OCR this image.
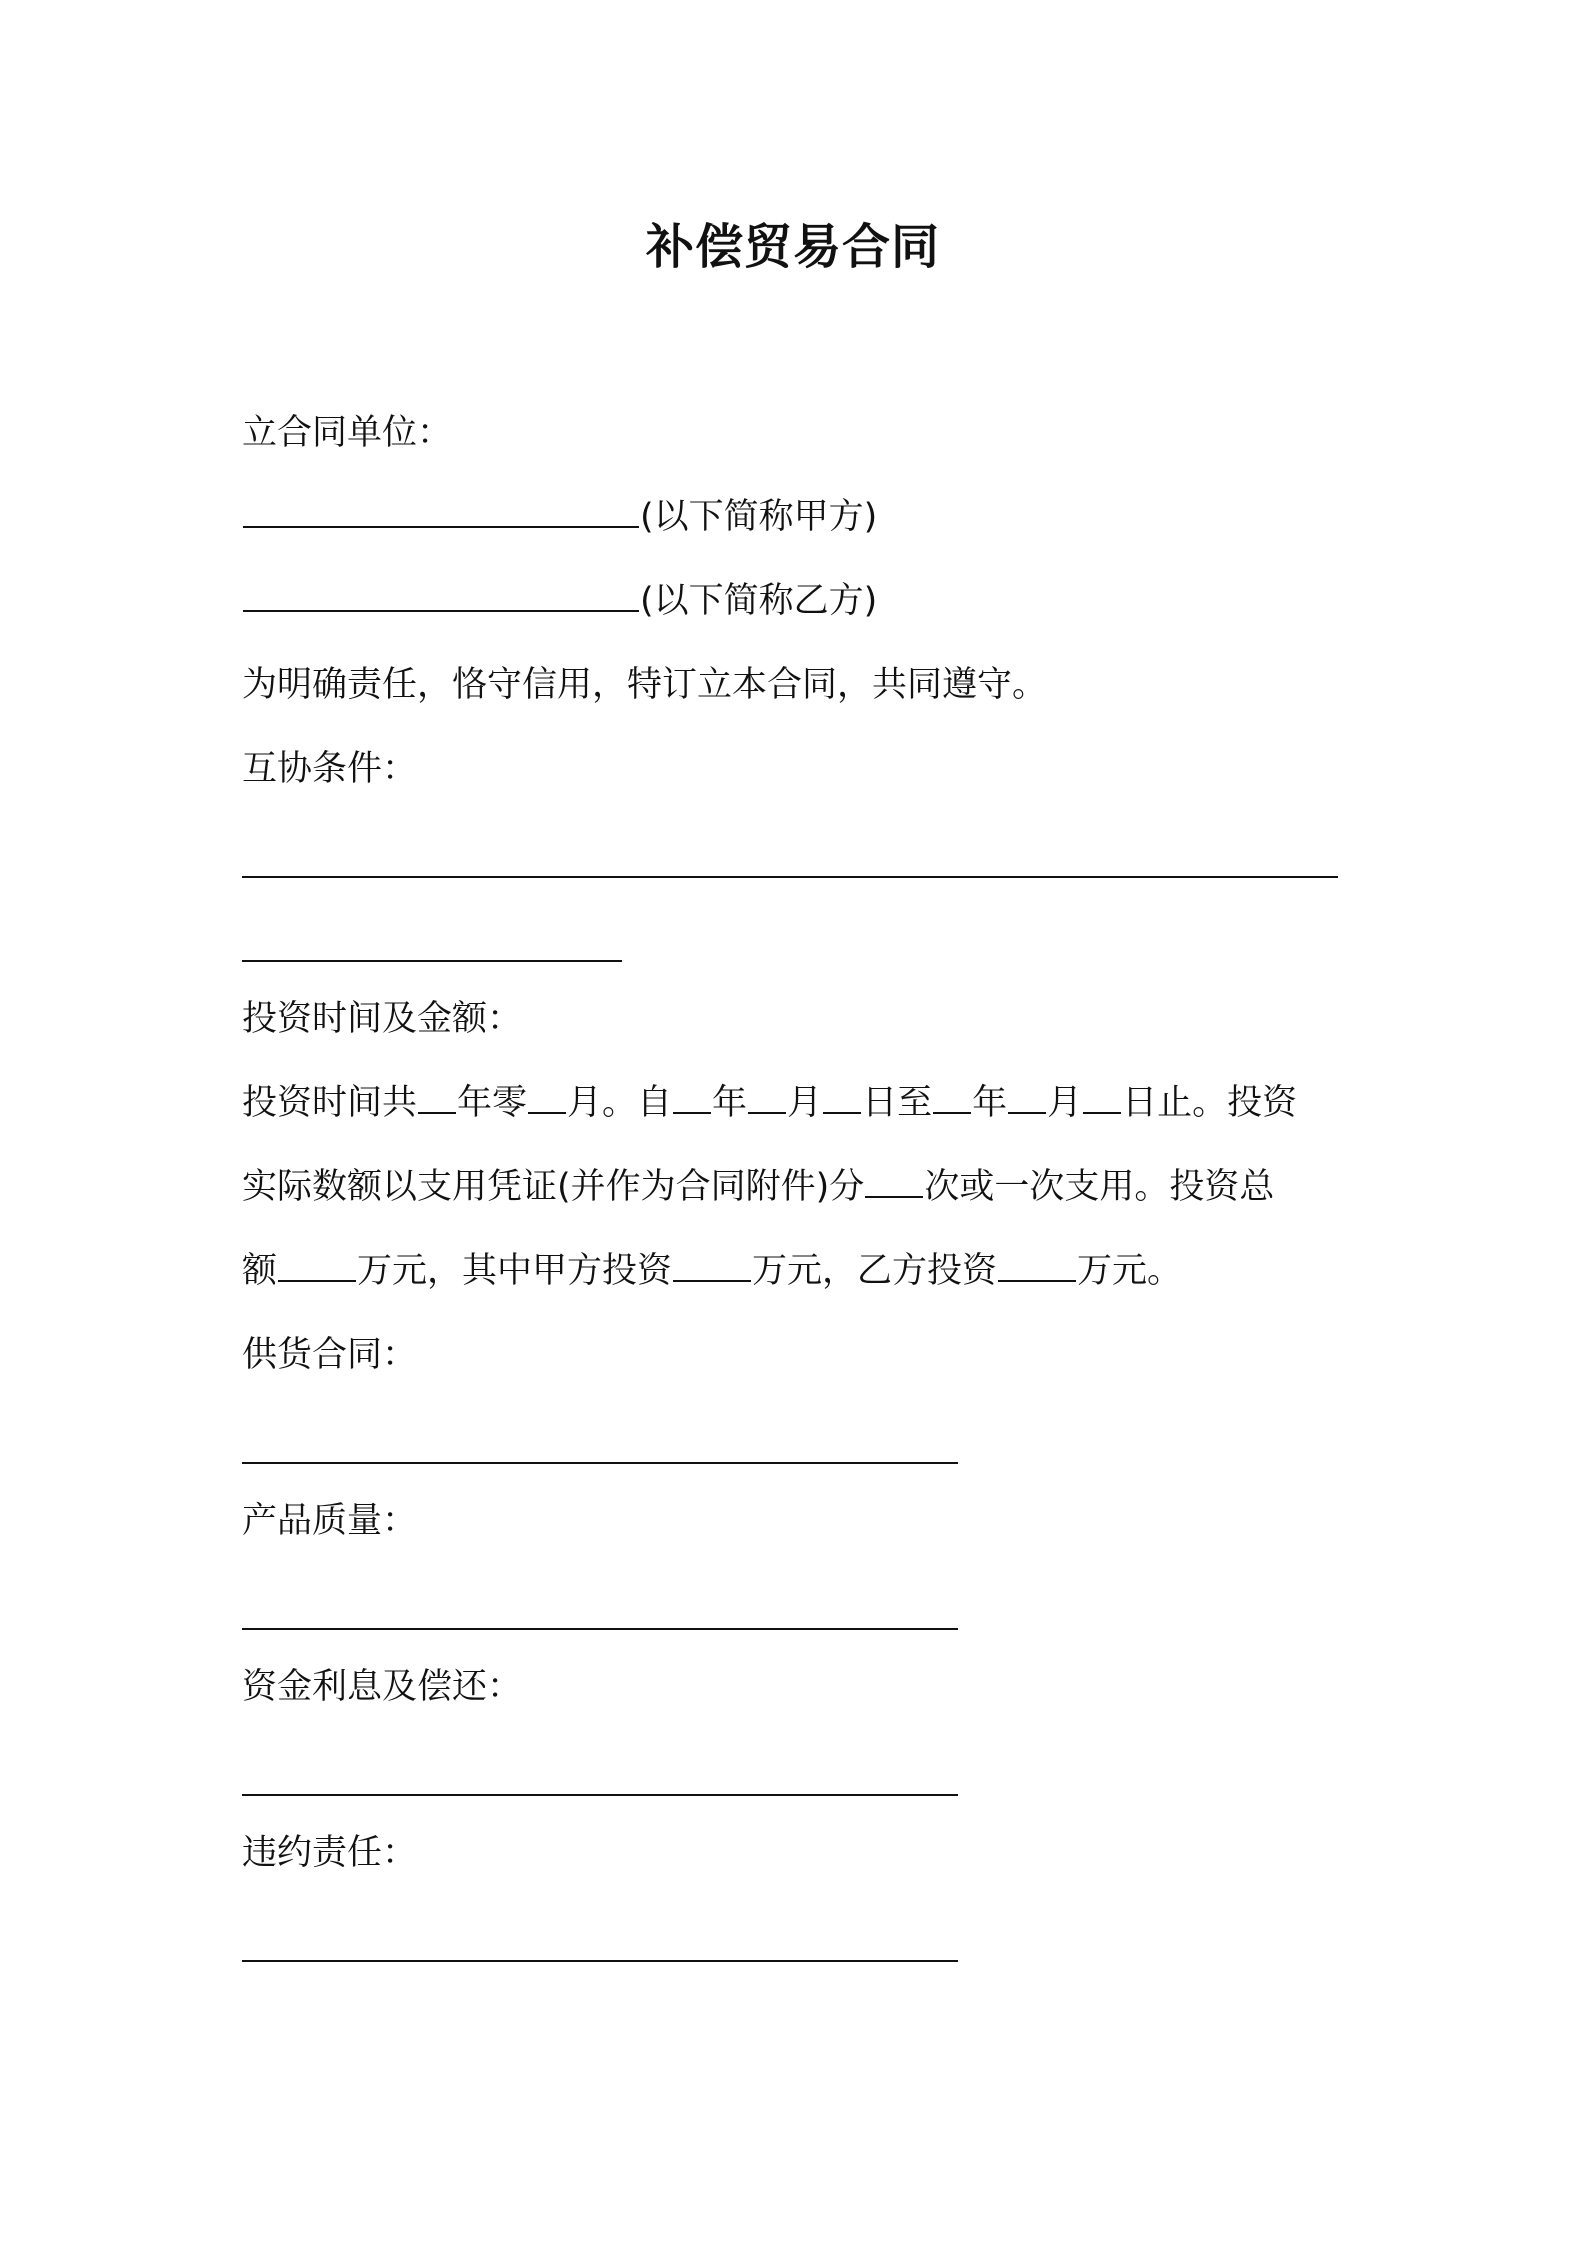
补偿贸易合同
立合同单位：
(以下简称甲方)
(以下简称乙方)
为明确责任，恪守信用，特订立本合同，共同遵守。
互协条件：
投资时间及金额：
投资时间共 年零 月。自 年 月 日至 年 月 日止。投资
实际数额以支用凭证(并作为合同附件)分 次或一次支用。投资总
额 万元，其中甲方投资 万元，乙方投资 万元。
供货合同：
产品质量：
资金利息及偿还：
违约责任：
